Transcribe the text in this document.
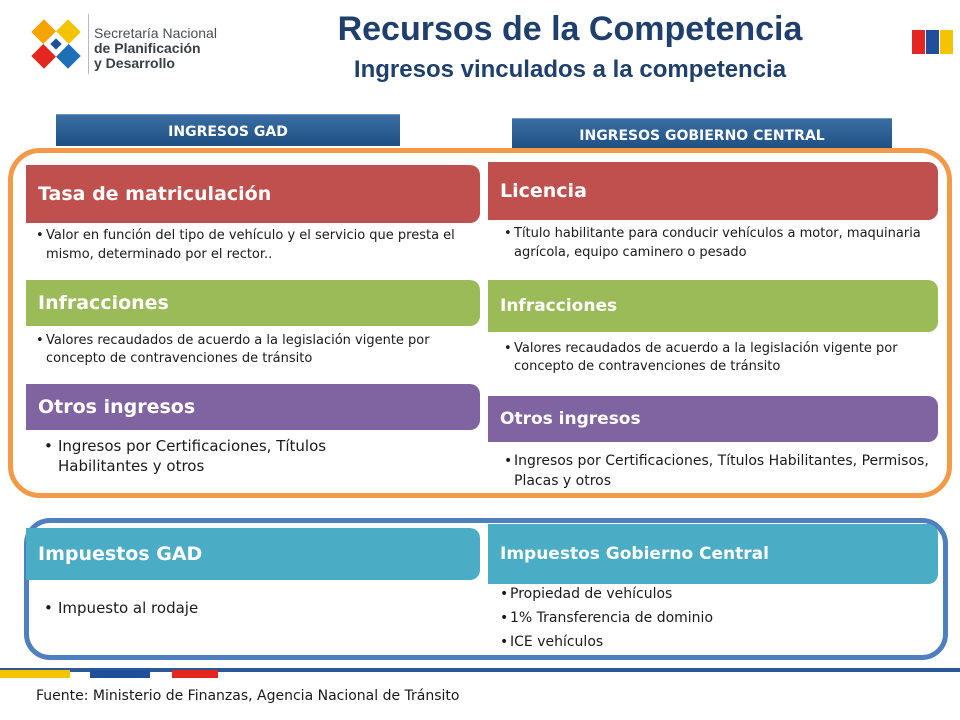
Secretaría Nacional
de Planificación
y Desarrollo
Recursos de la Competencia
Ingresos vinculados a la competencia
INGRESOS GAD	INGRESOS GOBIERNO CENTRAL
Tasa de matriculación
• Valor en función del tipo de vehículo y el servicio que presta el mismo, determinado por el rector..
Infracciones
• Valores recaudados de acuerdo a la legislación vigente por concepto de contravenciones de tránsito
Otros ingresos
• Ingresos por Certificaciones, Títulos Habilitantes y otros
Licencia
• Título habilitante para conducir vehículos a motor, maquinaria agrícola, equipo caminero o pesado
Infracciones
• Valores recaudados de acuerdo a la legislación vigente por concepto de contravenciones de tránsito
Otros ingresos
• Ingresos por Certificaciones, Títulos Habilitantes, Permisos, Placas y otros
Impuestos GAD
• Impuesto al rodaje
Impuestos Gobierno Central
• Propiedad de vehículos
• 1% Transferencia de dominio
• ICE vehículos
Fuente: Ministerio de Finanzas, Agencia Nacional de Tránsito
